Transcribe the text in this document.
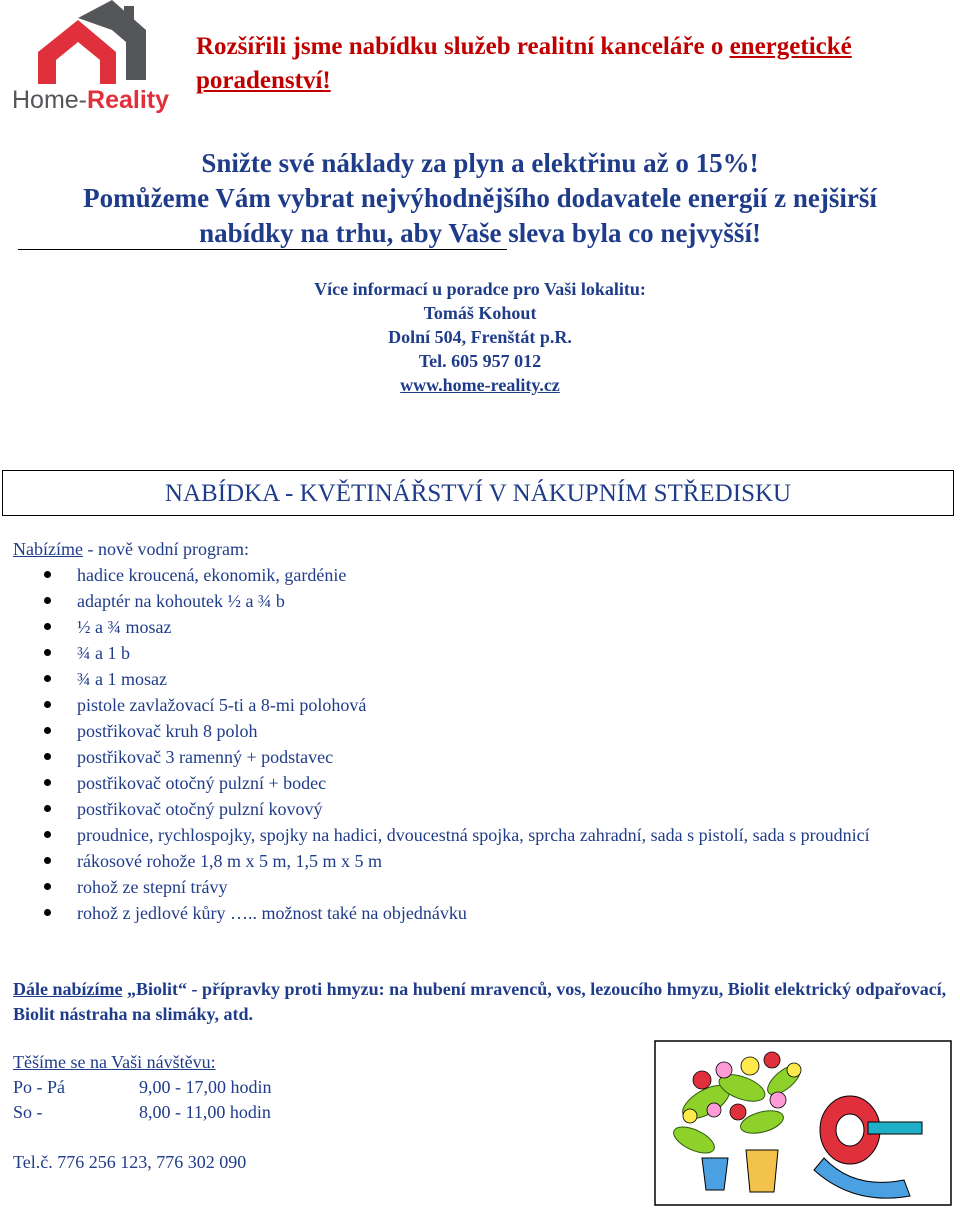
Home-Reality
Rozšířili jsme nabídku služeb realitní kanceláře o energetické poradenství!
Snižte své náklady za plyn a elektřinu až o 15%!
Pomůžeme Vám vybrat nejvýhodnějšího dodavatele energií z nejširší
nabídky na trhu, aby Vaše sleva byla co nejvyšší!
Více informací u poradce pro Vaši lokalitu:
Tomáš Kohout
Dolní 504, Frenštát p.R.
Tel. 605 957 012
www.home-reality.cz
NABÍDKA - KVĚTINÁŘSTVÍ V NÁKUPNÍM STŘEDISKU
Nabízíme - nově vodní program:
hadice kroucená, ekonomik, gardénie
adaptér na kohoutek ½ a ¾ b
½ a ¾ mosaz
¾ a 1 b
¾ a 1 mosaz
pistole zavlažovací 5-ti a 8-mi polohová
postřikovač kruh 8 poloh
postřikovač 3 ramenný + podstavec
postřikovač otočný pulzní + bodec
postřikovač otočný pulzní kovový
proudnice, rychlospojky, spojky na hadici, dvoucestná spojka, sprcha zahradní, sada s pistolí, sada s proudnicí
rákosové rohože 1,8 m x 5 m, 1,5 m x 5 m
rohož ze stepní trávy
rohož z jedlové kůry ….. možnost také na objednávku
Dále nabízíme „Biolit“ - přípravky proti hmyzu: na hubení mravenců, vos, lezoucího hmyzu, Biolit elektrický odpařovací, Biolit nástraha na slimáky, atd.
Těšíme se na Vaši návštěvu:
Po - Pá	9,00 - 17,00 hodin
So -	8,00 - 11,00 hodin
Tel.č. 776 256 123, 776 302 090
